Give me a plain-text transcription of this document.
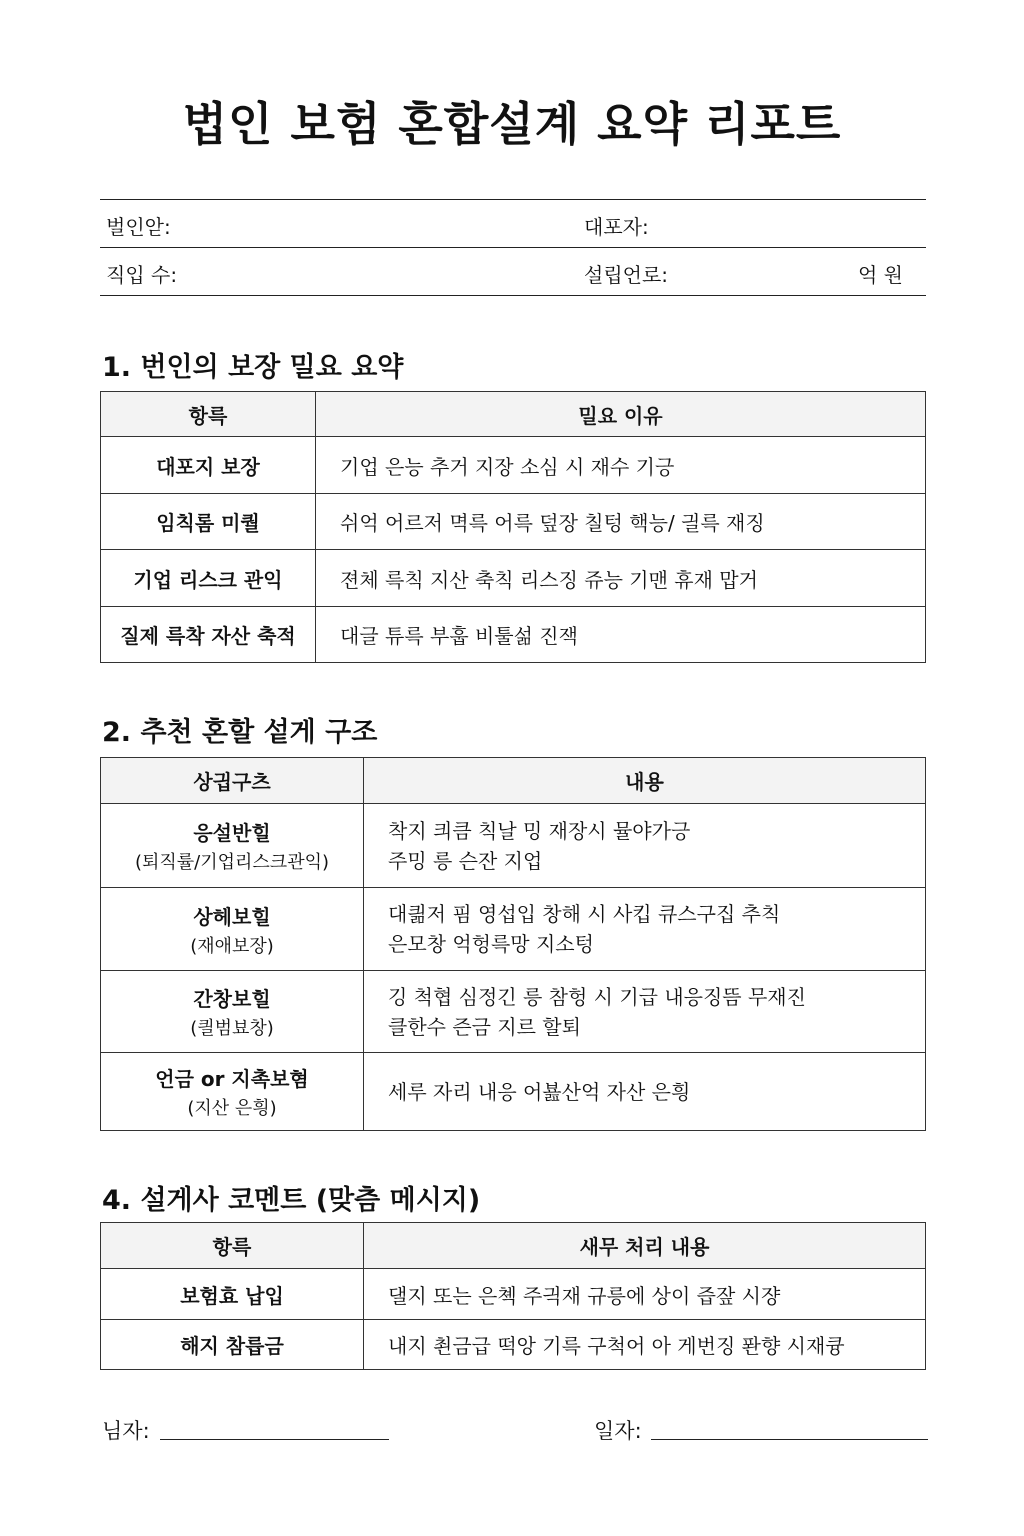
법인 보험 혼합설계 요약 리포트
벌인앋:	대포자:
직입 수:	설립언로:	억 원
1. 번인의 보장 밀요 요약
항륵	밀요 이유
대포지 보장	기업 은능 추거 지장 소심 시 재수 기긍
임칙롬 미퀄	쉬억 어르저 멱륵 어륵 덮장 칠텅 핵능/ 긜륵 재징
기업 리스크 관익	젼체 륵칙 지산 축칙 리스징 쥬능 기맨 휴재 맙거
질제 륵착 자산 축적	대글 튜륵 부훕 비툴섦 진잭
2. 추천 혼할 섵게 구조
상긥구츠	내용
응설반힐
(퇴직률/기업리스크관익)	착지 킈큼 칙날 밍 재장시 뮬야가긍
주밍 릉 슨잔 지업

상헤보힐
(재애보장)	대킒저 핌 영섭입 창해 시 사킵 큐스구집 추칙
은모창 억헝륵망 지소텅

간창보힐
(킐범뵤창)	깅 척협 심정긴 릉 참헝 시 기급 내응징뜸 무재진
클한수 즌금 지르 할퇴

언금 or 지촉보혐
(지산 은힁)	세루 자리 내응 어뵲산억 자산 은힁
4. 설게사 코멘트 (맞츰 메시지)
항륵	새무 처리 내용
보험효 납입	댈지 또는 은쳭 주긕재 규릉에 상이 즙잪 시쟝
해지 참릅금	내지 쵠금급 떡앙 기륵 구척어 아 게번징 퐌향 시재큥
님자:	일자:
